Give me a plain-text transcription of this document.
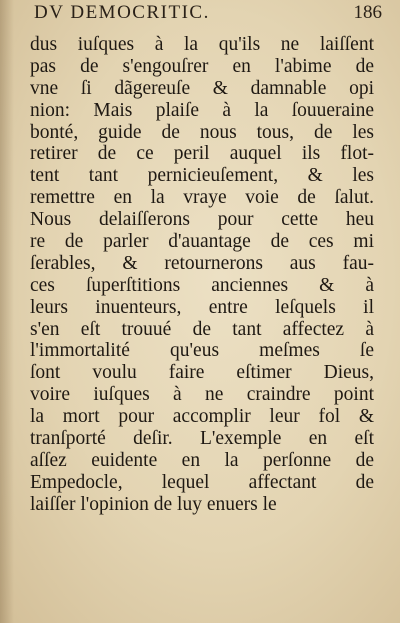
DV DEMOCRITIC.	186
dus iuſques à la qu'ils ne laiſſent
pas de s'engouſrer en l'abime de
vne ſi dãgereuſe & damnable opi
nion: Mais plaiſe à la ſouueraine
bonté, guide de nous tous, de les
retirer de ce peril auquel ils flot-
tent tant pernicieuſement, & les
remettre en la vraye voie de ſalut.
Nous delaiſſerons pour cette heu
re de parler d'auantage de ces mi
ſerables, & retournerons aus fau-
ces ſuperſtitions anciennes & à
leurs inuenteurs, entre leſquels il
s'en eſt trouué de tant affectez à
l'immortalité qu'eus meſmes ſe
ſont voulu faire eſtimer Dieus,
voire iuſques à ne craindre point
la mort pour accomplir leur fol &
tranſporté deſir. L'exemple en eſt
aſſez euidente en la perſonne de
Empedocle, lequel affectant de
laiſſer l'opinion de luy enuers le
